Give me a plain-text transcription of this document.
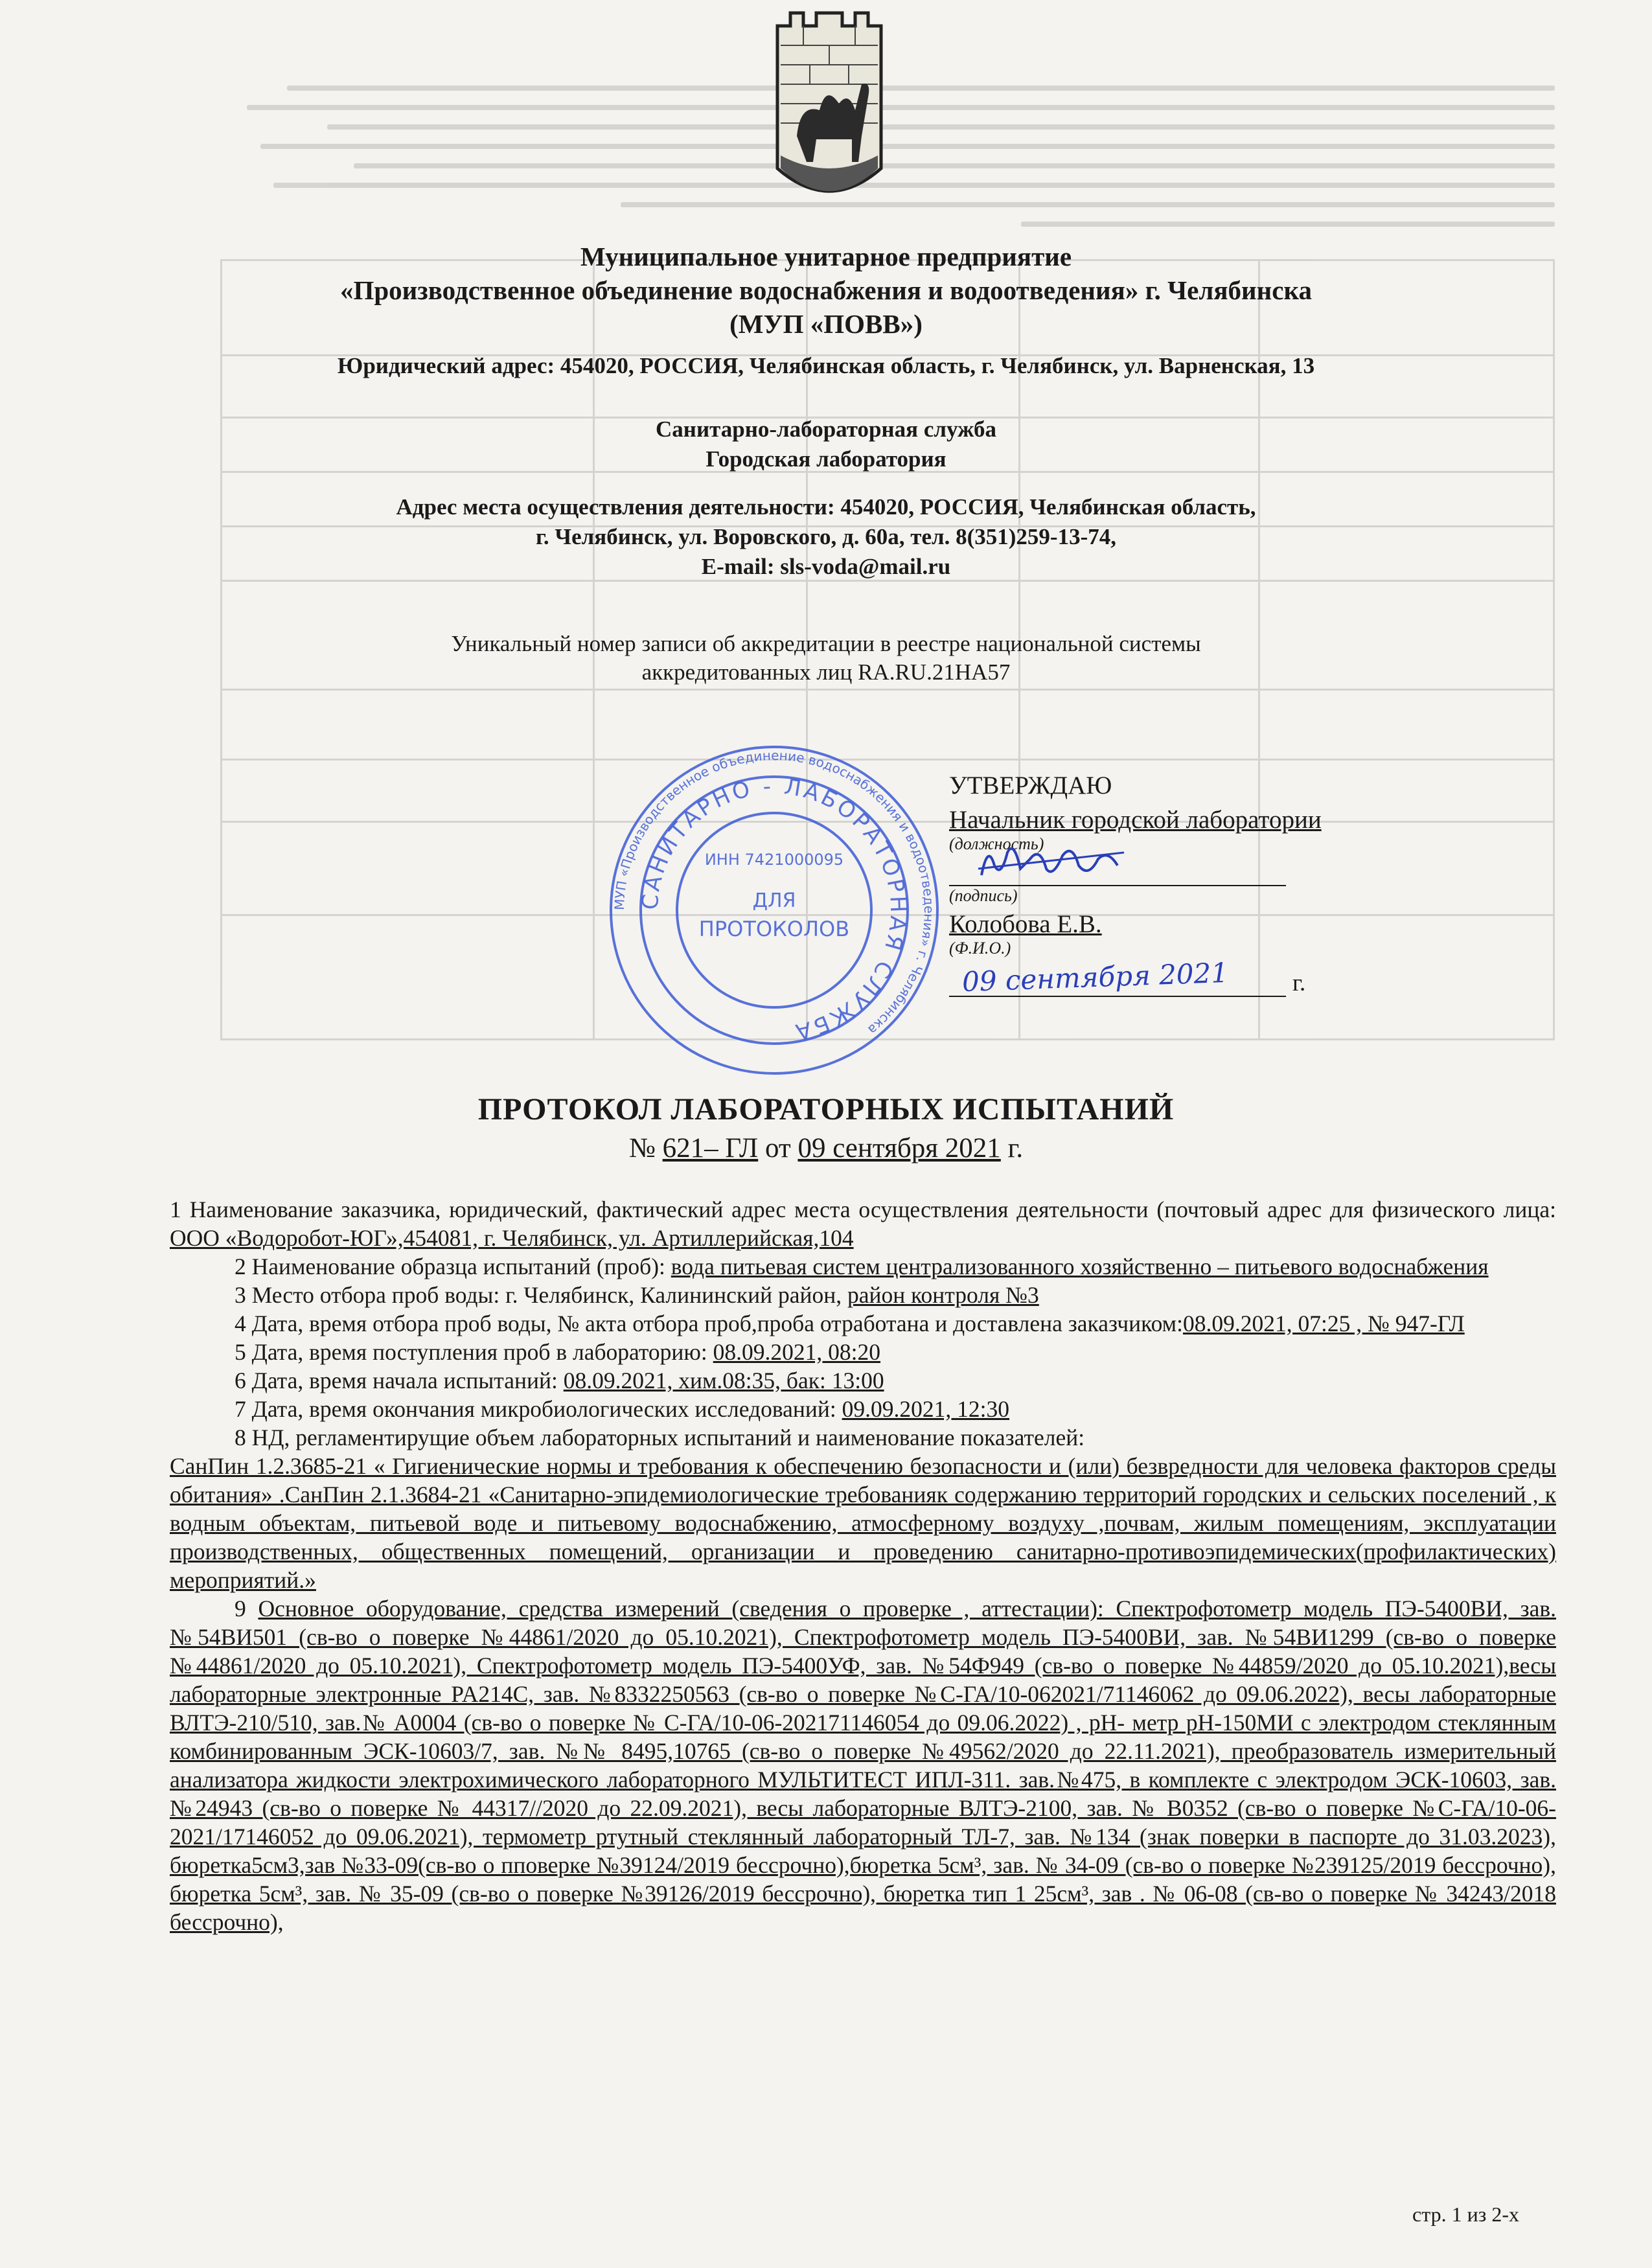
Муниципальное унитарное предприятие
«Производственное объединение водоснабжения и водоотведения» г. Челябинска
(МУП «ПОВВ»)
Юридический адрес: 454020, РОССИЯ, Челябинская область, г. Челябинск, ул. Варненская, 13
Санитарно-лабораторная служба
Городская лаборатория
Адрес места осуществления деятельности: 454020, РОССИЯ, Челябинская область,
г. Челябинск, ул. Воровского, д. 60а, тел. 8(351)259-13-74,
E-mail: sls-voda@mail.ru
Уникальный номер записи об аккредитации в реестре национальной системы
аккредитованных лиц RA.RU.21НА57
МУП «Производственное объединение водоснабжения и водоотведения» г. Челябинска
САНИТАРНО - ЛАБОРАТОРНАЯ СЛУЖБА
ИНН 7421000095
ДЛЯ
ПРОТОКОЛОВ
УТВЕРЖДАЮ
Начальник городской лаборатории
(должность)
(подпись)
Колобова Е.В.
(Ф.И.О.)
09 сентября 2021	г.
ПРОТОКОЛ ЛАБОРАТОРНЫХ ИСПЫТАНИЙ
№ 621– ГЛ от 09 сентября 2021 г.

1 Наименование заказчика, юридический, фактический адрес места осуществления деятельности (почтовый адрес для физического лица: ООО «Водоробот-ЮГ»,454081, г. Челябинск, ул. Артиллерийская,104

2 Наименование образца испытаний (проб): вода питьевая систем централизованного хозяйственно – питьевого водоснабжения

3 Место отбора проб воды: г. Челябинск, Калининский район, район контроля №3

4 Дата, время отбора проб воды, № акта отбора проб,проба отработана и доставлена заказчиком:08.09.2021, 07:25 , № 947-ГЛ

5 Дата, время поступления проб в лабораторию: 08.09.2021, 08:20

6 Дата, время начала испытаний: 08.09.2021, хим.08:35, бак: 13:00

7 Дата, время окончания микробиологических исследований: 09.09.2021, 12:30

8 НД, регламентирущие объем лабораторных испытаний и наименование показателей:

СанПин 1.2.3685-21 « Гигиенические нормы и требования к обеспечению безопасности и (или) безвредности для человека факторов среды обитания» .СанПин 2.1.3684-21 «Санитарно-эпидемиологические требованияк содержанию территорий городских и сельских поселений , к водным объектам, питьевой воде и питьевому водоснабжению, атмосферному воздуху ,почвам, жилым помещениям, эксплуатации производственных, общественных помещений, организации и проведению санитарно-противоэпидемических(профилактических) мероприятий.»

9 Основное оборудование, средства измерений (сведения о проверке , аттестации): Спектрофотометр модель ПЭ-5400ВИ, зав. №54ВИ501 (св-во о поверке №44861/2020 до 05.10.2021), Спектрофотометр модель ПЭ-5400ВИ, зав. №54ВИ1299 (св-во о поверке №44861/2020 до 05.10.2021), Спектрофотометр модель ПЭ-5400УФ, зав. №54Ф949 (св-во о поверке №44859/2020 до 05.10.2021),весы лабораторные электронные PA214C, зав. №8332250563 (св-во о поверке №С-ГА/10-062021/71146062 до 09.06.2022), весы лабораторные ВЛТЭ-210/510, зав.№ А0004 (св-во о поверке № С-ГА/10-06-202171146054 до 09.06.2022) , рН- метр рН-150МИ с электродом стеклянным комбинированным ЭСК-10603/7, зав. №№ 8495,10765 (св-во о поверке №49562/2020 до 22.11.2021), преобразователь измерительный анализатора жидкости электрохимического лабораторного МУЛЬТИТЕСТ ИПЛ-311. зав.№475, в комплекте с электродом ЭСК-10603, зав.№24943 (св-во о поверке № 44317//2020 до 22.09.2021), весы лабораторные ВЛТЭ-2100, зав. № В0352 (св-во о поверке №С-ГА/10-06-2021/17146052 до 09.06.2021), термометр ртутный стеклянный лабораторный ТЛ-7, зав. №134 (знак поверки в паспорте до 31.03.2023), бюретка5см3,зав №33-09(св-во о пповерке №39124/2019 бессрочно),бюретка 5см³, зав. № 34-09 (св-во о поверке №239125/2019 бессрочно), бюретка 5см³, зав. № 35-09 (св-во о поверке №39126/2019 бессрочно), бюретка тип 1 25см³, зав . № 06-08 (св-во о поверке № 34243/2018 бессрочно),

стр. 1 из 2-х
